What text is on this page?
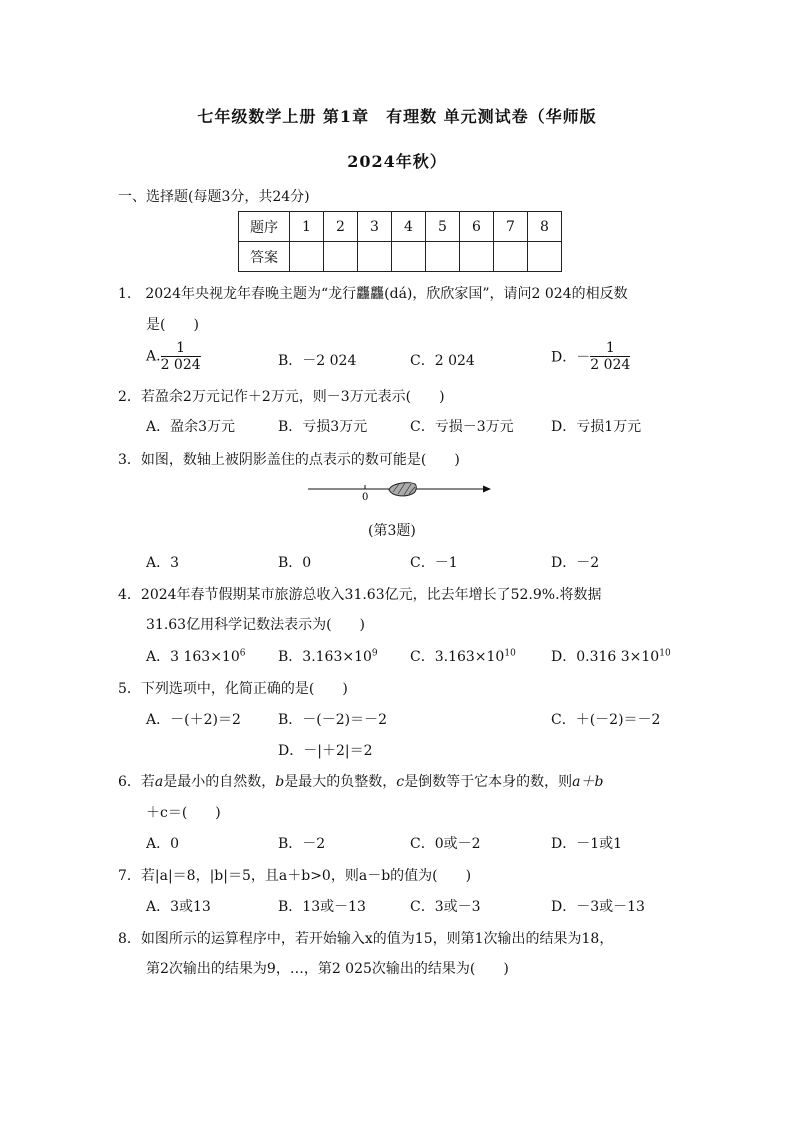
七年级数学上册 第1章　有理数 单元测试卷（华师版
2024年秋）
一、选择题(每题3分，共24分)
题序	1	2	3	4	5	6	7	8
答案								
1.　2024年央视龙年春晚主题为“龙行龘龘(dá)，欣欣家国”，请问2 024的相反数
是(　　)
A. $\frac{1}{2 024}$	B．－2 024	C．2 024	D．－ $\frac{1}{2 024}$
2．若盈余2万元记作＋2万元，则－3万元表示(　　)
A．盈余3万元	B．亏损3万元	C．亏损－3万元	D．亏损1万元
3．如图，数轴上被阴影盖住的点表示的数可能是(　　)
0
(第3题)
A．3	B．0	C．－1	D．－2
4．2024年春节假期某市旅游总收入31.63亿元，比去年增长了52.9%.将数据
31.63亿用科学记数法表示为(　　)
A．3 $163\times 10^6$ B．$3.163\times 10^9$ C．$3.163\times 10^{10}$	D．0.316 $3\times 10^{10}$
5．下列选项中，化简正确的是(　　)
A．－(＋2)＝2	B．－(－2)＝－2	C．＋(－2)＝－2
D．－|＋2|＝2
6．若a是最小的自然数，b是最大的负整数，c是倒数等于它本身的数，则a＋b
＋c＝(　　)
A．0	B．－2	C．0或－2	D．－1或1
7．若|a|＝8，|b|＝5，且a＋b>0，则a－b的值为(　　)
A．3或13	B．13或－13	C．3或－3	D．－3或－13
8．如图所示的运算程序中，若开始输入x的值为15，则第1次输出的结果为18，
第2次输出的结果为9，…，第2 025次输出的结果为(　　)
